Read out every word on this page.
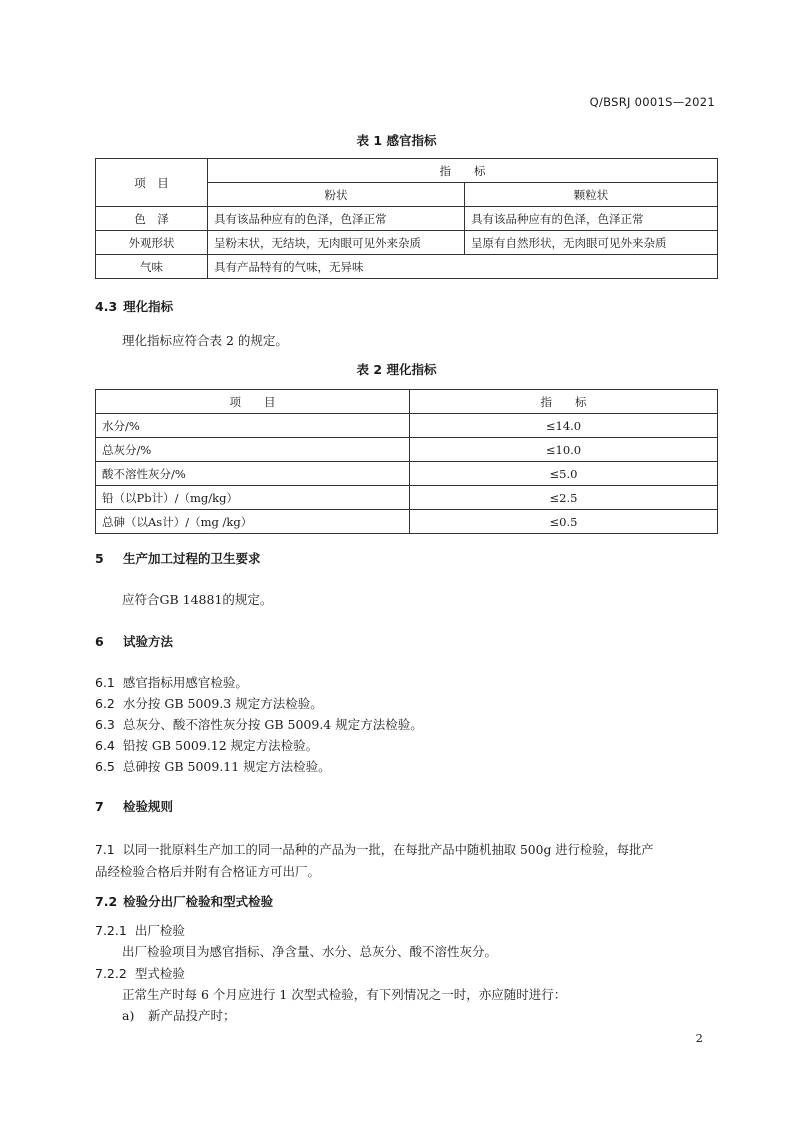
Q/BSRJ 0001S—2021
表 1 感官指标
项　目	指　　标	
	粉状	颗粒状
色　泽	具有该品种应有的色泽，色泽正常	具有该品种应有的色泽，色泽正常
外观形状	呈粉末状，无结块，无肉眼可见外来杂质	呈原有自然形状，无肉眼可见外来杂质
气味	具有产品特有的气味，无异味	
4.3 理化指标
理化指标应符合表 2 的规定。
表 2 理化指标
项　　目	指　　标
水分/%	≤14.0
总灰分/%	≤10.0
酸不溶性灰分/%	≤5.0
铅（以Pb计）/（mg/kg）	≤2.5
总砷（以As计）/（mg /kg）	≤0.5
5 生产加工过程的卫生要求
应符合GB 14881的规定。
6 试验方法
6.1 感官指标用感官检验。
6.2 水分按 GB 5009.3 规定方法检验。
6.3 总灰分、酸不溶性灰分按 GB 5009.4 规定方法检验。
6.4 铅按 GB 5009.12 规定方法检验。
6.5 总砷按 GB 5009.11 规定方法检验。
7 检验规则
7.1 以同一批原料生产加工的同一品种的产品为一批，在每批产品中随机抽取 500g 进行检验，每批产
品经检验合格后并附有合格证方可出厂。
7.2 检验分出厂检验和型式检验
7.2.1 出厂检验
出厂检验项目为感官指标、净含量、水分、总灰分、酸不溶性灰分。
7.2.2 型式检验
正常生产时每 6 个月应进行 1 次型式检验，有下列情况之一时，亦应随时进行：
a) 新产品投产时；
2
